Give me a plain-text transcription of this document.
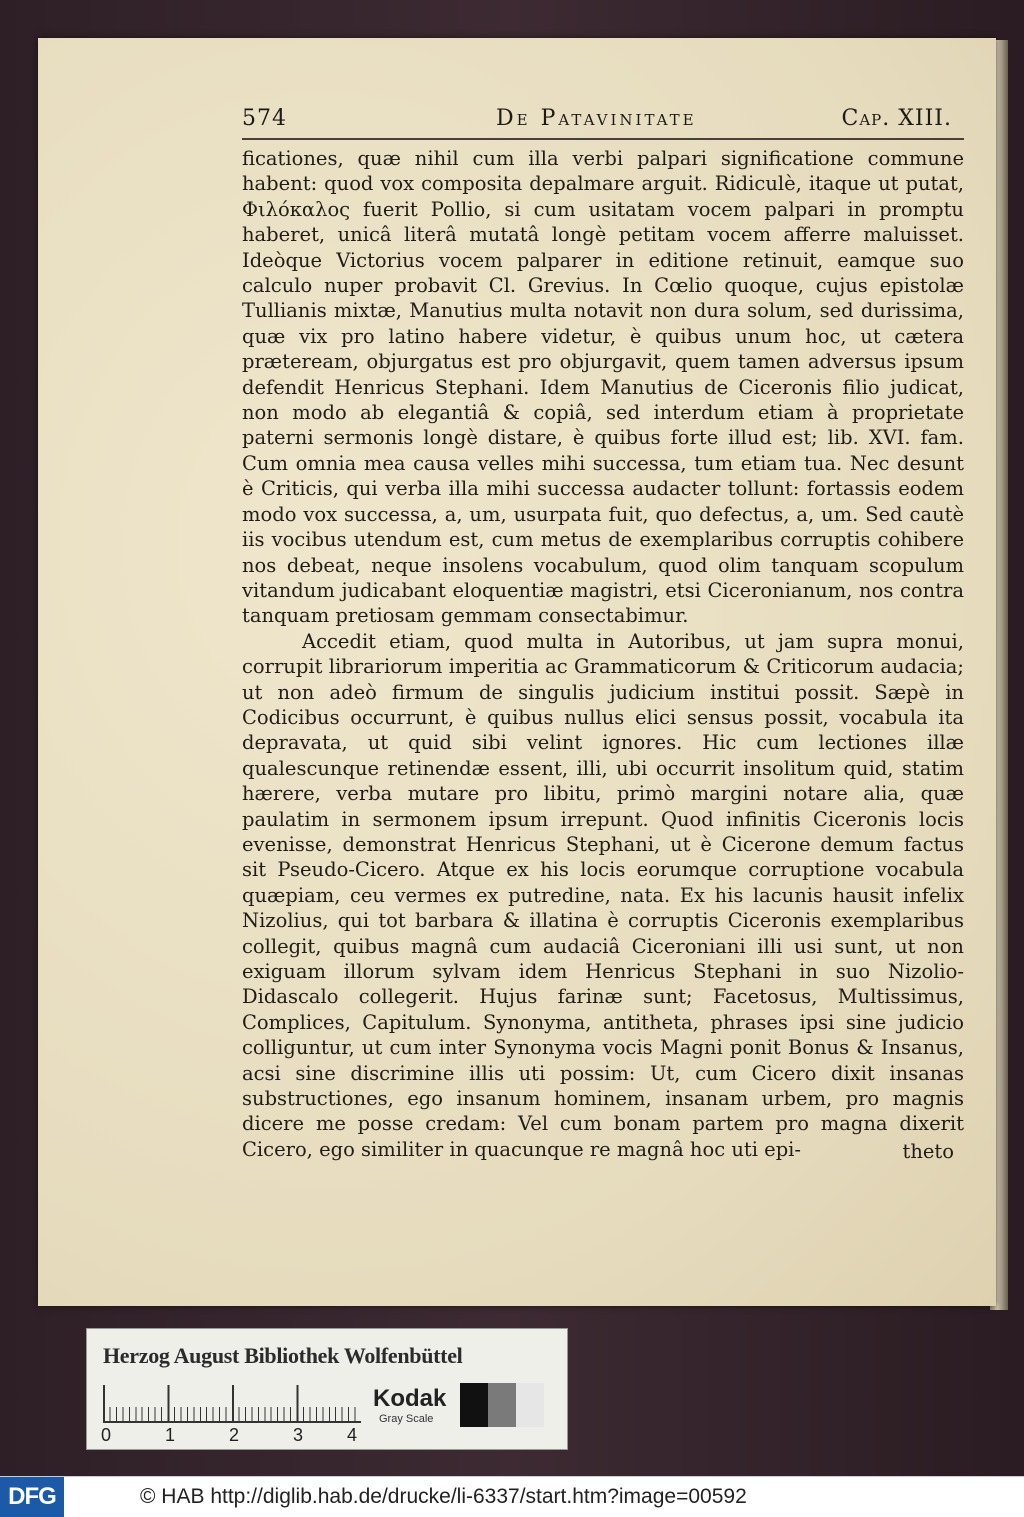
574	De Patavinitate	Cap. XIII.

ficationes, quæ nihil cum illa verbi palpari significatione commune habent: quod vox composita depalmare arguit. Ridiculè, itaque ut putat, Φιλόκαλος fuerit Pollio, si cum usitatam vocem palpari in promptu haberet, unicâ literâ mutatâ longè petitam vocem afferre maluisset. Ideòque Victorius vocem palparer in editione retinuit, eamque suo calculo nuper probavit Cl. Grevius. In Cœlio quoque, cujus epistolæ Tullianis mixtæ, Manutius multa notavit non dura solum, sed durissima, quæ vix pro latino habere videtur, è quibus unum hoc, ut cætera præteream, objurgatus est pro objurgavit, quem tamen adversus ipsum defendit Henricus Stephani. Idem Manutius de Ciceronis filio judicat, non modo ab elegantiâ & copiâ, sed interdum etiam à proprietate paterni sermonis longè distare, è quibus forte illud est; lib. XVI. fam. Cum omnia mea causa velles mihi successa, tum etiam tua. Nec desunt è Criticis, qui verba illa mihi successa audacter tollunt: fortassis eodem modo vox successa, a, um, usurpata fuit, quo defectus, a, um. Sed cautè iis vocibus utendum est, cum metus de exemplaribus corruptis cohibere nos debeat, neque insolens vocabulum, quod olim tanquam scopulum vitandum judicabant eloquentiæ magistri, etsi Ciceronianum, nos contra tanquam pretiosam gemmam consectabimur.

Accedit etiam, quod multa in Autoribus, ut jam supra monui, corrupit librariorum imperitia ac Grammaticorum & Criticorum audacia; ut non adeò firmum de singulis judicium institui possit. Sæpè in Codicibus occurrunt, è quibus nullus elici sensus possit, vocabula ita depravata, ut quid sibi velint ignores. Hic cum lectiones illæ qualescunque retinendæ essent, illi, ubi occurrit insolitum quid, statim hærere, verba mutare pro libitu, primò margini notare alia, quæ paulatim in sermonem ipsum irrepunt. Quod infinitis Ciceronis locis evenisse, demonstrat Henricus Stephani, ut è Cicerone demum factus sit Pseudo-Cicero. Atque ex his locis eorumque corruptione vocabula quæpiam, ceu vermes ex putredine, nata. Ex his lacunis hausit infelix Nizolius, qui tot barbara & illatina è corruptis Ciceronis exemplaribus collegit, quibus magnâ cum audaciâ Ciceroniani illi usi sunt, ut non exiguam illorum sylvam idem Henricus Stephani in suo Nizolio-Didascalo collegerit. Hujus farinæ sunt; Facetosus, Multissimus, Complices, Capitulum. Synonyma, antitheta, phrases ipsi sine judicio colliguntur, ut cum inter Synonyma vocis Magni ponit Bonus & Insanus, acsi sine discrimine illis uti possim: Ut, cum Cicero dixit insanas substructiones, ego insanum hominem, insanam urbem, pro magnis dicere me posse credam: Vel cum bonam partem pro magna dixerit Cicero, ego similiter in quacunque re magnâ hoc uti epi-	theto
Herzog August Bibliothek Wolfenbüttel
0	1	2	3 4
Kodak
Gray Scale
DFG	© HAB http://diglib.hab.de/drucke/li-6337/start.htm?image=00592
